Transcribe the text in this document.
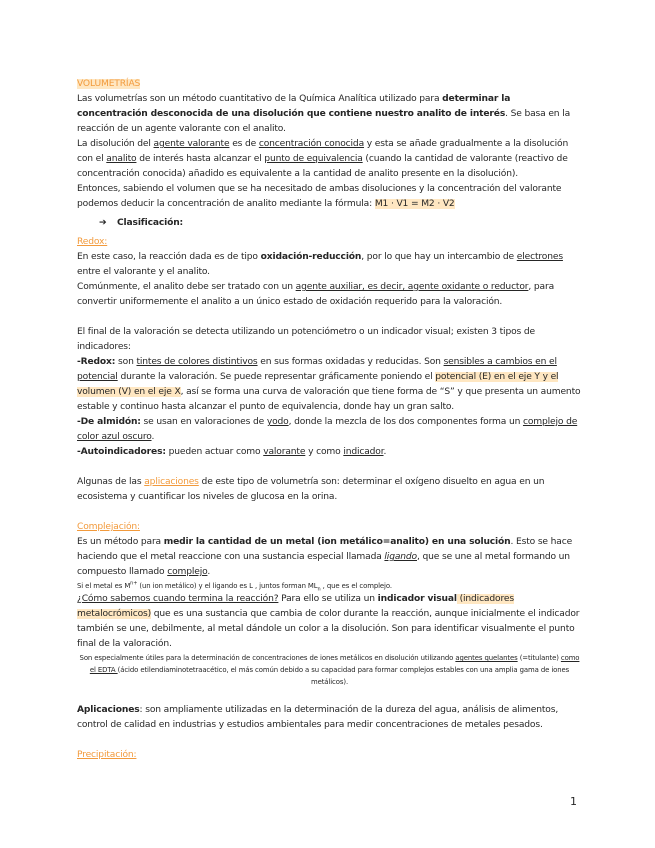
VOLUMETRÍAS

Las volumetrías son un método cuantitativo de la Química Analítica utilizado para determinar la concentración desconocida de una disolución que contiene nuestro analito de interés. Se basa en la reacción de un agente valorante con el analito.

La disolución del agente valorante es de concentración conocida y esta se añade gradualmente a la disolución con el analito de interés hasta alcanzar el punto de equivalencia (cuando la cantidad de valorante (reactivo de concentración conocida) añadido es equivalente a la cantidad de analito presente en la disolución).

Entonces, sabiendo el volumen que se ha necesitado de ambas disoluciones y la concentración del valorante podemos deducir la concentración de analito mediante la fórmula: M1 · V1 = M2 · V2

➔ Clasificación:

Redox:

En este caso, la reacción dada es de tipo oxidación-reducción, por lo que hay un intercambio de electrones entre el valorante y el analito.

Comúnmente, el analito debe ser tratado con un agente auxiliar, es decir, agente oxidante o reductor, para convertir uniformemente el analito a un único estado de oxidación requerido para la valoración.

El final de la valoración se detecta utilizando un potenciómetro o un indicador visual; existen 3 tipos de indicadores:

-Redox: son tintes de colores distintivos en sus formas oxidadas y reducidas. Son sensibles a cambios en el potencial durante la valoración. Se puede representar gráficamente poniendo el potencial (E) en el eje Y y el volumen (V) en el eje X, así se forma una curva de valoración que tiene forma de “S” y que presenta un aumento estable y continuo hasta alcanzar el punto de equivalencia, donde hay un gran salto.

-De almidón: se usan en valoraciones de yodo, donde la mezcla de los dos componentes forma un complejo de color azul oscuro.

-Autoindicadores: pueden actuar como valorante y como indicador.

Algunas de las aplicaciones de este tipo de volumetría son: determinar el oxígeno disuelto en agua en un ecosistema y cuantificar los niveles de glucosa en la orina.

Complejación:

Es un método para medir la cantidad de un metal (ion metálico=analito) en una solución. Esto se hace haciendo que el metal reaccione con una sustancia especial llamada ligando, que se une al metal formando un compuesto llamado complejo.

Si el metal es $M^{n+}$ (un ion metálico) y el ligando es L , juntos forman $ML_n$ , que es el complejo.

¿Cómo sabemos cuando termina la reacción? Para ello se utiliza un indicador visual (indicadores metalocrómicos) que es una sustancia que cambia de color durante la reacción, aunque inicialmente el indicador también se une, debilmente, al metal dándole un color a la disolución. Son para identificar visualmente el punto final de la valoración.

Son especialmente útiles para la determinación de concentraciones de iones metálicos en disolución utilizando agentes quelantes (=titulante) como el EDTA (ácido etilendiaminotetraacético, el más común debido a su capacidad para formar complejos estables con una amplia gama de iones metálicos).

Aplicaciones: son ampliamente utilizadas en la determinación de la dureza del agua, análisis de alimentos, control de calidad en industrias y estudios ambientales para medir concentraciones de metales pesados.

Precipitación:

1
